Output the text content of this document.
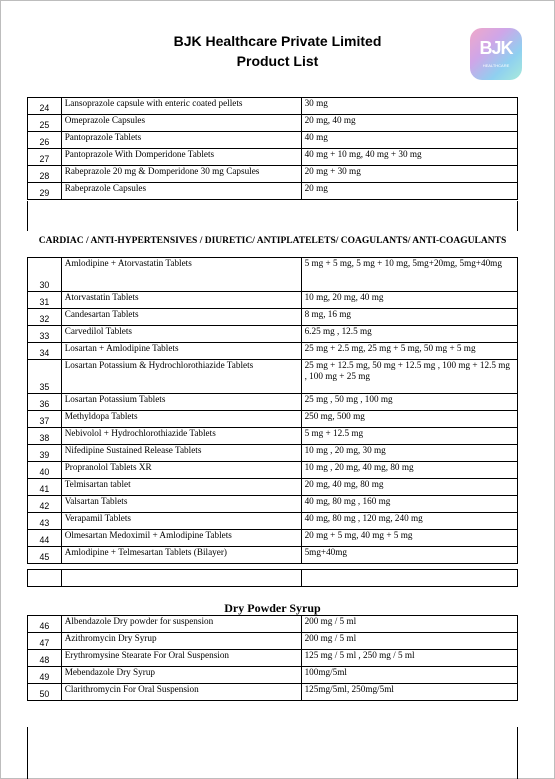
BJK Healthcare Private Limited
Product List
BJK
HEALTHCARE
24	Lansoprazole capsule with enteric coated pellets	30 mg
25	Omeprazole Capsules	20 mg, 40 mg
26	Pantoprazole Tablets	40 mg
27	Pantoprazole With Domperidone Tablets	40 mg + 10 mg, 40 mg + 30 mg
28	Rabeprazole 20 mg & Domperidone 30 mg Capsules	20 mg + 30 mg
29	Rabeprazole Capsules	20 mg
CARDIAC / ANTI-HYPERTENSIVES / DIURETIC/ ANTIPLATELETS/ COAGULANTS/ ANTI-COAGULANTS
30	Amlodipine + Atorvastatin Tablets	5 mg + 5 mg, 5 mg + 10 mg, 5mg+20mg, 5mg+40mg
31	Atorvastatin Tablets	10 mg, 20 mg, 40 mg
32	Candesartan Tablets	8 mg, 16 mg
33	Carvedilol Tablets	6.25 mg , 12.5 mg
34	Losartan + Amlodipine Tablets	25 mg + 2.5 mg, 25 mg + 5 mg, 50 mg + 5 mg
35	Losartan Potassium & Hydrochlorothiazide Tablets	25 mg + 12.5 mg, 50 mg + 12.5 mg , 100 mg + 12.5 mg , 100 mg + 25 mg
36	Losartan Potassium Tablets	25 mg , 50 mg , 100 mg
37	Methyldopa Tablets	250 mg, 500 mg
38	Nebivolol + Hydrochlorothiazide Tablets	5 mg + 12.5 mg
39	Nifedipine Sustained Release Tablets	10 mg , 20 mg, 30 mg
40	Propranolol Tablets XR	10 mg , 20 mg, 40 mg, 80 mg
41	Telmisartan tablet	20 mg, 40 mg, 80 mg
42	Valsartan Tablets	40 mg, 80 mg , 160 mg
43	Verapamil Tablets	40 mg, 80 mg , 120 mg, 240 mg
44	Olmesartan Medoximil + Amlodipine Tablets	20 mg + 5 mg, 40 mg + 5 mg
45	Amlodipine + Telmesartan Tablets (Bilayer)	5mg+40mg

Dry Powder Syrup
46	Albendazole Dry powder for suspension	200 mg / 5 ml
47	Azithromycin Dry Syrup	200 mg / 5 ml
48	Erythromysine Stearate For Oral Suspension	125 mg / 5 ml , 250 mg / 5 ml
49	Mebendazole Dry Syrup	100mg/5ml
50	Clarithromycin For Oral Suspension	125mg/5ml, 250mg/5ml
